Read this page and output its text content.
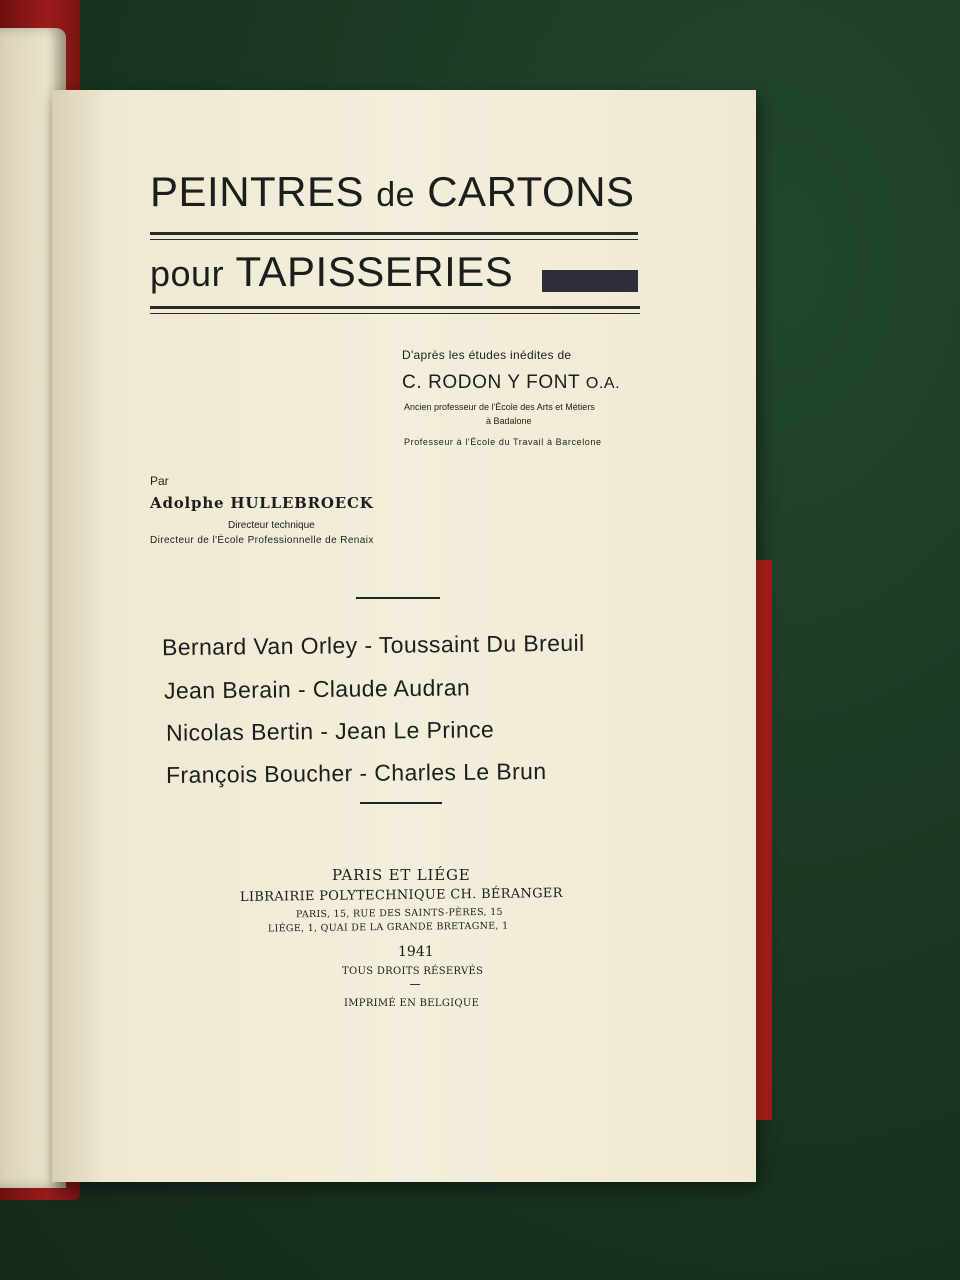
PEINTRES de CARTONS
pour TAPISSERIES
D'après les études inédites de
C. RODON Y FONT O.A.
Ancien professeur de l'École des Arts et Métiers
à Badalone
Professeur à l'École du Travail à Barcelone
Par
Adolphe HULLEBROECK
Directeur technique
Directeur de l'École Professionnelle de Renaix
Bernard Van Orley - Toussaint Du Breuil
Jean Berain - Claude Audran
Nicolas Bertin - Jean Le Prince
François Boucher - Charles Le Brun
PARIS ET LIÉGE
LIBRAIRIE POLYTECHNIQUE CH. BÉRANGER
PARIS, 15, RUE DES SAINTS-PÈRES, 15
LIÉGE, 1, QUAI DE LA GRANDE BRETAGNE, 1
1941
TOUS DROITS RÉSERVÉS
IMPRIMÉ EN BELGIQUE
